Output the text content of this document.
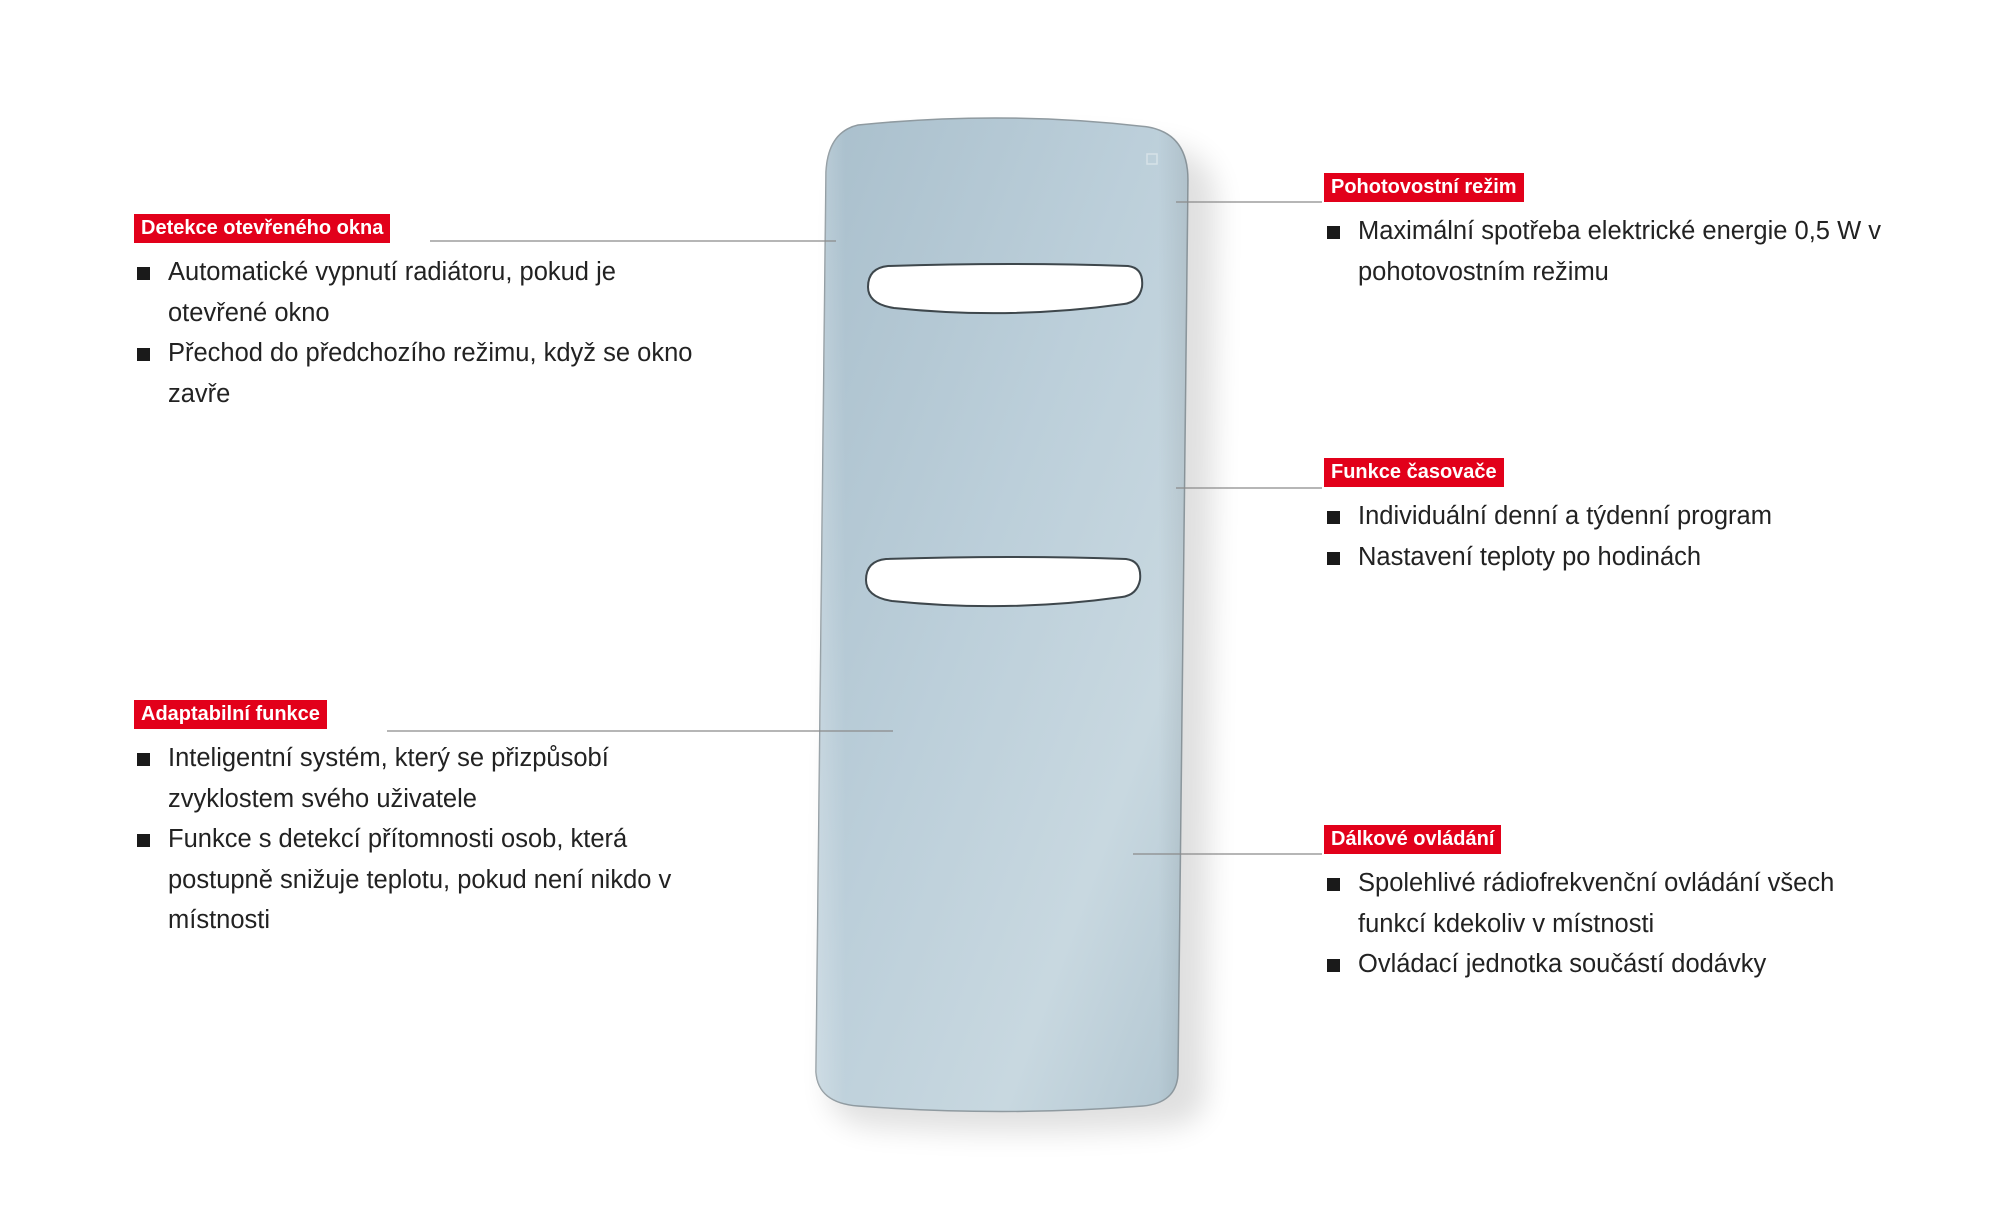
Detekce otevřeného okna
Automatické vypnutí radiátoru, pokud je otevřené okno
Přechod do předchozího režimu, když se okno zavře
Adaptabilní funkce
Inteligentní systém, který se přizpůsobí zvyklostem svého uživatele
Funkce s detekcí přítomnosti osob, která postupně snižuje teplotu, pokud není nikdo v místnosti
Pohotovostní režim
Maximální spotřeba elektrické energie 0,5 W v pohotovostním režimu
Funkce časovače
Individuální denní a týdenní program
Nastavení teploty po hodinách
Dálkové ovládání
Spolehlivé rádiofrekvenční ovládání všech funkcí kdekoliv v místnosti
Ovládací jednotka součástí dodávky
